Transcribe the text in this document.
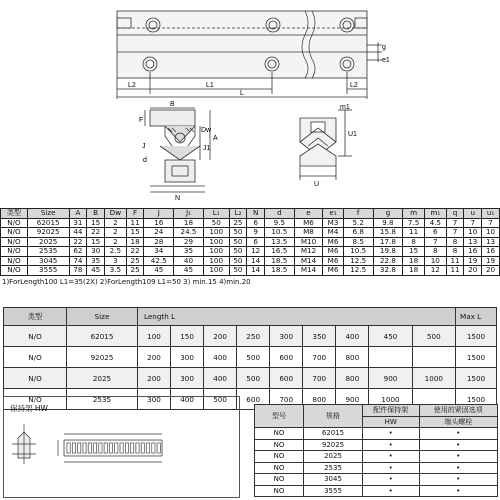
L2	L1
L
L2
g
e1
F
B
Dw
A
J1
J
d
N
m1
U1
U
类型	Size	A	B	Dw	F	J	J₁	L₁	L₂	N	d	e	e₁	f	g	m	m₁	q	u	u₁
N/O	62015	31	15	2	11	16	18	50	25	6	9.5	M6	M3	5.2	9.8	7.5	4.5	7	7	7
N/O	92025	44	22	2	15	24	24.5	100	50	9	10.5	M8	M4	6.8	15.8	11	6	7	10	10
N/O	2025	22	15	2	18	28	29	100	50	6	13.5	M10	M6	8.5	17.8	8	7	8	13	13
N/O	2535	62	30	2.5	22	34	35	100	50	12	16.5	M12	M6	10.5	19.8	15	8	8	16	16
N/O	3045	74	35	3	25	42.5	40	100	50	14	18.5	M14	M6	12.5	22.8	18	10	11	19	19
N/O	3555	78	45	3.5	25	45	45	100	50	14	18.5	M14	M6	12.5	32.8	18	12	11	20	20
1)ForLength100 L1=35(2X) 2)ForLength109 L1=50 3) min.15 4)min.20
类型	Size	Length L									Max L
N/O	62015	100	150	200	250	300	350	400	450	500	1500
N/O	92025	200	300	400	500	600	700	800			1500
N/O	2025	200	300	400	500	600	700	800	900	1000	1500
N/O	2535	300	400	500	600	700	800	900	1000		1500
保持架 HW
型号	规格	配件保持架	使用的紧固选项
		HW	端头螺栓
NO	62015	•	•
NO	92025	•	•
NO	2025	•	•
NO	2535	•	•
NO	3045	•	•
NO	3555	•	•
